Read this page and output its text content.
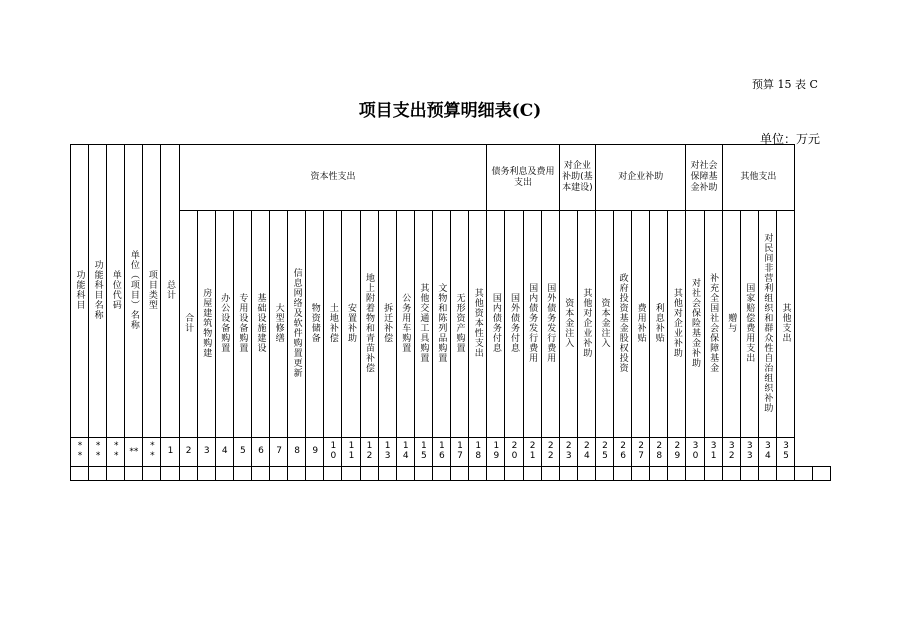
预算 15 表 C
项目支出预算明细表(C)
单位：万元
功能科目	功能科目名称	单位代码	单位（项目）名称	项目类型	总计	资本性支出																	债务利息及费用支出				对企业补助(基本建设)		对企业补助					对社会保障基金补助		其他支出					
						合计	房屋建筑物购建	办公设备购置	专用设备购置	基础设施建设	大型修缮	信息网络及软件购置更新	物资储备	土地补偿	安置补助	地上附着物和青苗补偿	拆迁补偿	公务用车购置	其他交通工具购置	文物和陈列品购置	无形资产购置	其他资本性支出	国内债务付息	国外债务付息	国内债务发行费用	国外债务发行费用	资本金注入	其他对企业补助	资本金注入	政府投资基金股权投资	费用补贴	利息补贴	其他对企业补助	对社会保险基金补助	补充全国社会保障基金	赠与	国家赔偿费用支出	对民间非营利组织和群众性自治组织补助	其他支出		
**	**	**	**	**	1	2	3	4	5	6	7	8	9	10	11	12	13	14	15	16	17	18	19	20	21	22	23	24	25	26	27	28	29	30	31	32	33	34	35		
